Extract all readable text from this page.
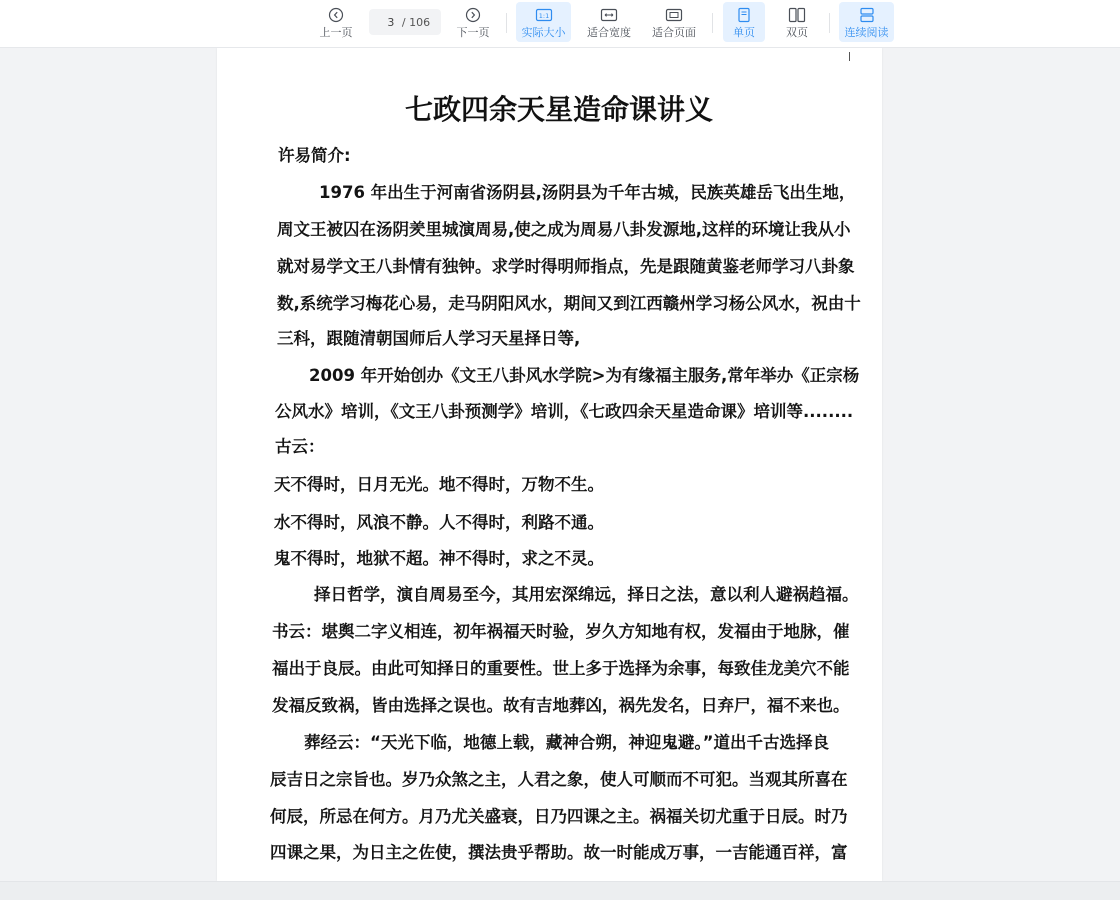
上一页
3
/ 106
下一页
1:1
实际大小 适合宽度 适合页面	单页	双页	连续阅读
七政四余天星造命课讲义
许易简介:
1976 年出生于河南省汤阴县,汤阴县为千年古城，民族英雄岳飞出生地，
周文王被囚在汤阴羑里城演周易,使之成为周易八卦发源地,这样的环境让我从小
就对易学文王八卦情有独钟。求学时得明师指点，先是跟随黄鉴老师学习八卦象
数,系统学习梅花心易，走马阴阳风水，期间又到江西赣州学习杨公风水，祝由十
三科，跟随清朝国师后人学习天星择日等,
2009 年开始创办《文王八卦风水学院>为有缘福主服务,常年举办《正宗杨
公风水》培训，《文王八卦预测学》培训，《七政四余天星造命课》培训等........
古云：
天不得时，日月无光。地不得时，万物不生。
水不得时，风浪不静。人不得时，利路不通。
鬼不得时，地狱不超。神不得时，求之不灵。
择日哲学，演自周易至今，其用宏深绵远，择日之法，意以利人避祸趋福。
书云：堪舆二字义相连，初年祸福天时验，岁久方知地有权，发福由于地脉，催
福出于良辰。由此可知择日的重要性。世上多于选择为余事，每致佳龙美穴不能
发福反致祸，皆由选择之误也。故有吉地葬凶，祸先发名，日弃尸，福不来也。
葬经云：“天光下临，地德上载，藏神合朔，神迎鬼避。”道出千古选择良
辰吉日之宗旨也。岁乃众煞之主，人君之象，使人可顺而不可犯。当观其所喜在
何辰，所忌在何方。月乃尤关盛衰，日乃四课之主。祸福关切尤重于日辰。时乃
四课之果，为日主之佐使，撰法贵乎帮助。故一时能成万事，一吉能通百祥，富
